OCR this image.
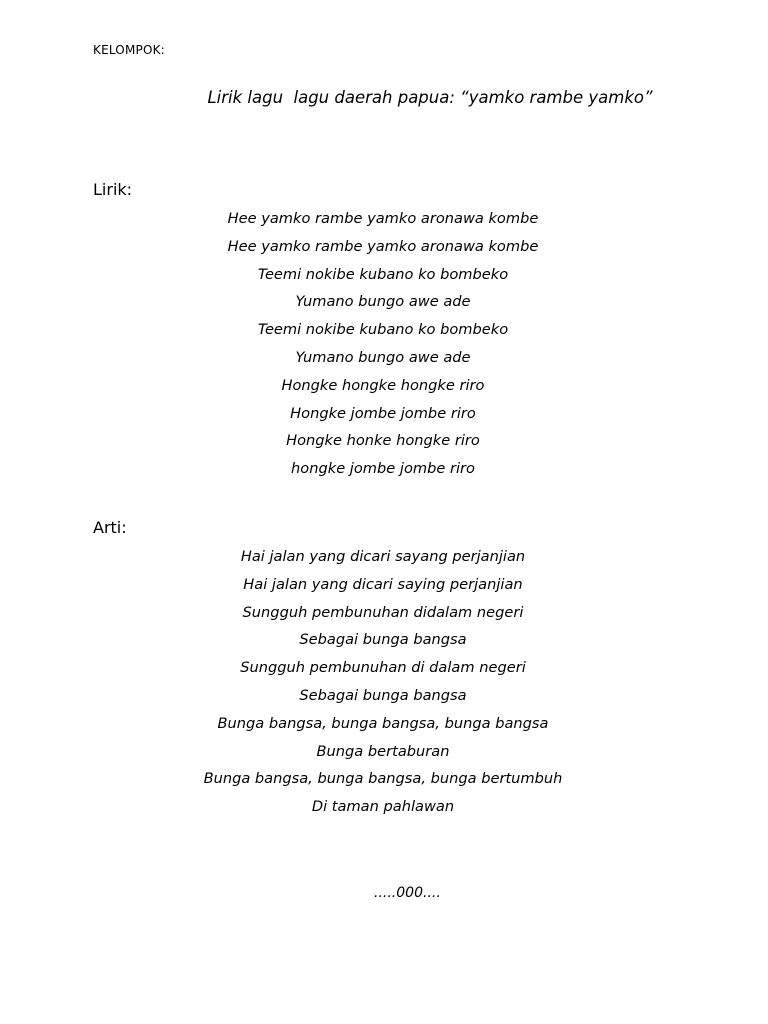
KELOMPOK:
Lirik lagu  lagu daerah papua: “yamko rambe yamko”
Lirik:
Hee yamko rambe yamko aronawa kombe
Hee yamko rambe yamko aronawa kombe
Teemi nokibe kubano ko bombeko
Yumano bungo awe ade
Teemi nokibe kubano ko bombeko
Yumano bungo awe ade
Hongke hongke hongke riro
Hongke jombe jombe riro
Hongke honke hongke riro
hongke jombe jombe riro
Arti:
Hai jalan yang dicari sayang perjanjian
Hai jalan yang dicari saying perjanjian
Sungguh pembunuhan didalam negeri
Sebagai bunga bangsa
Sungguh pembunuhan di dalam negeri
Sebagai bunga bangsa
Bunga bangsa, bunga bangsa, bunga bangsa
Bunga bertaburan
Bunga bangsa, bunga bangsa, bunga bertumbuh
Di taman pahlawan
.....000....
